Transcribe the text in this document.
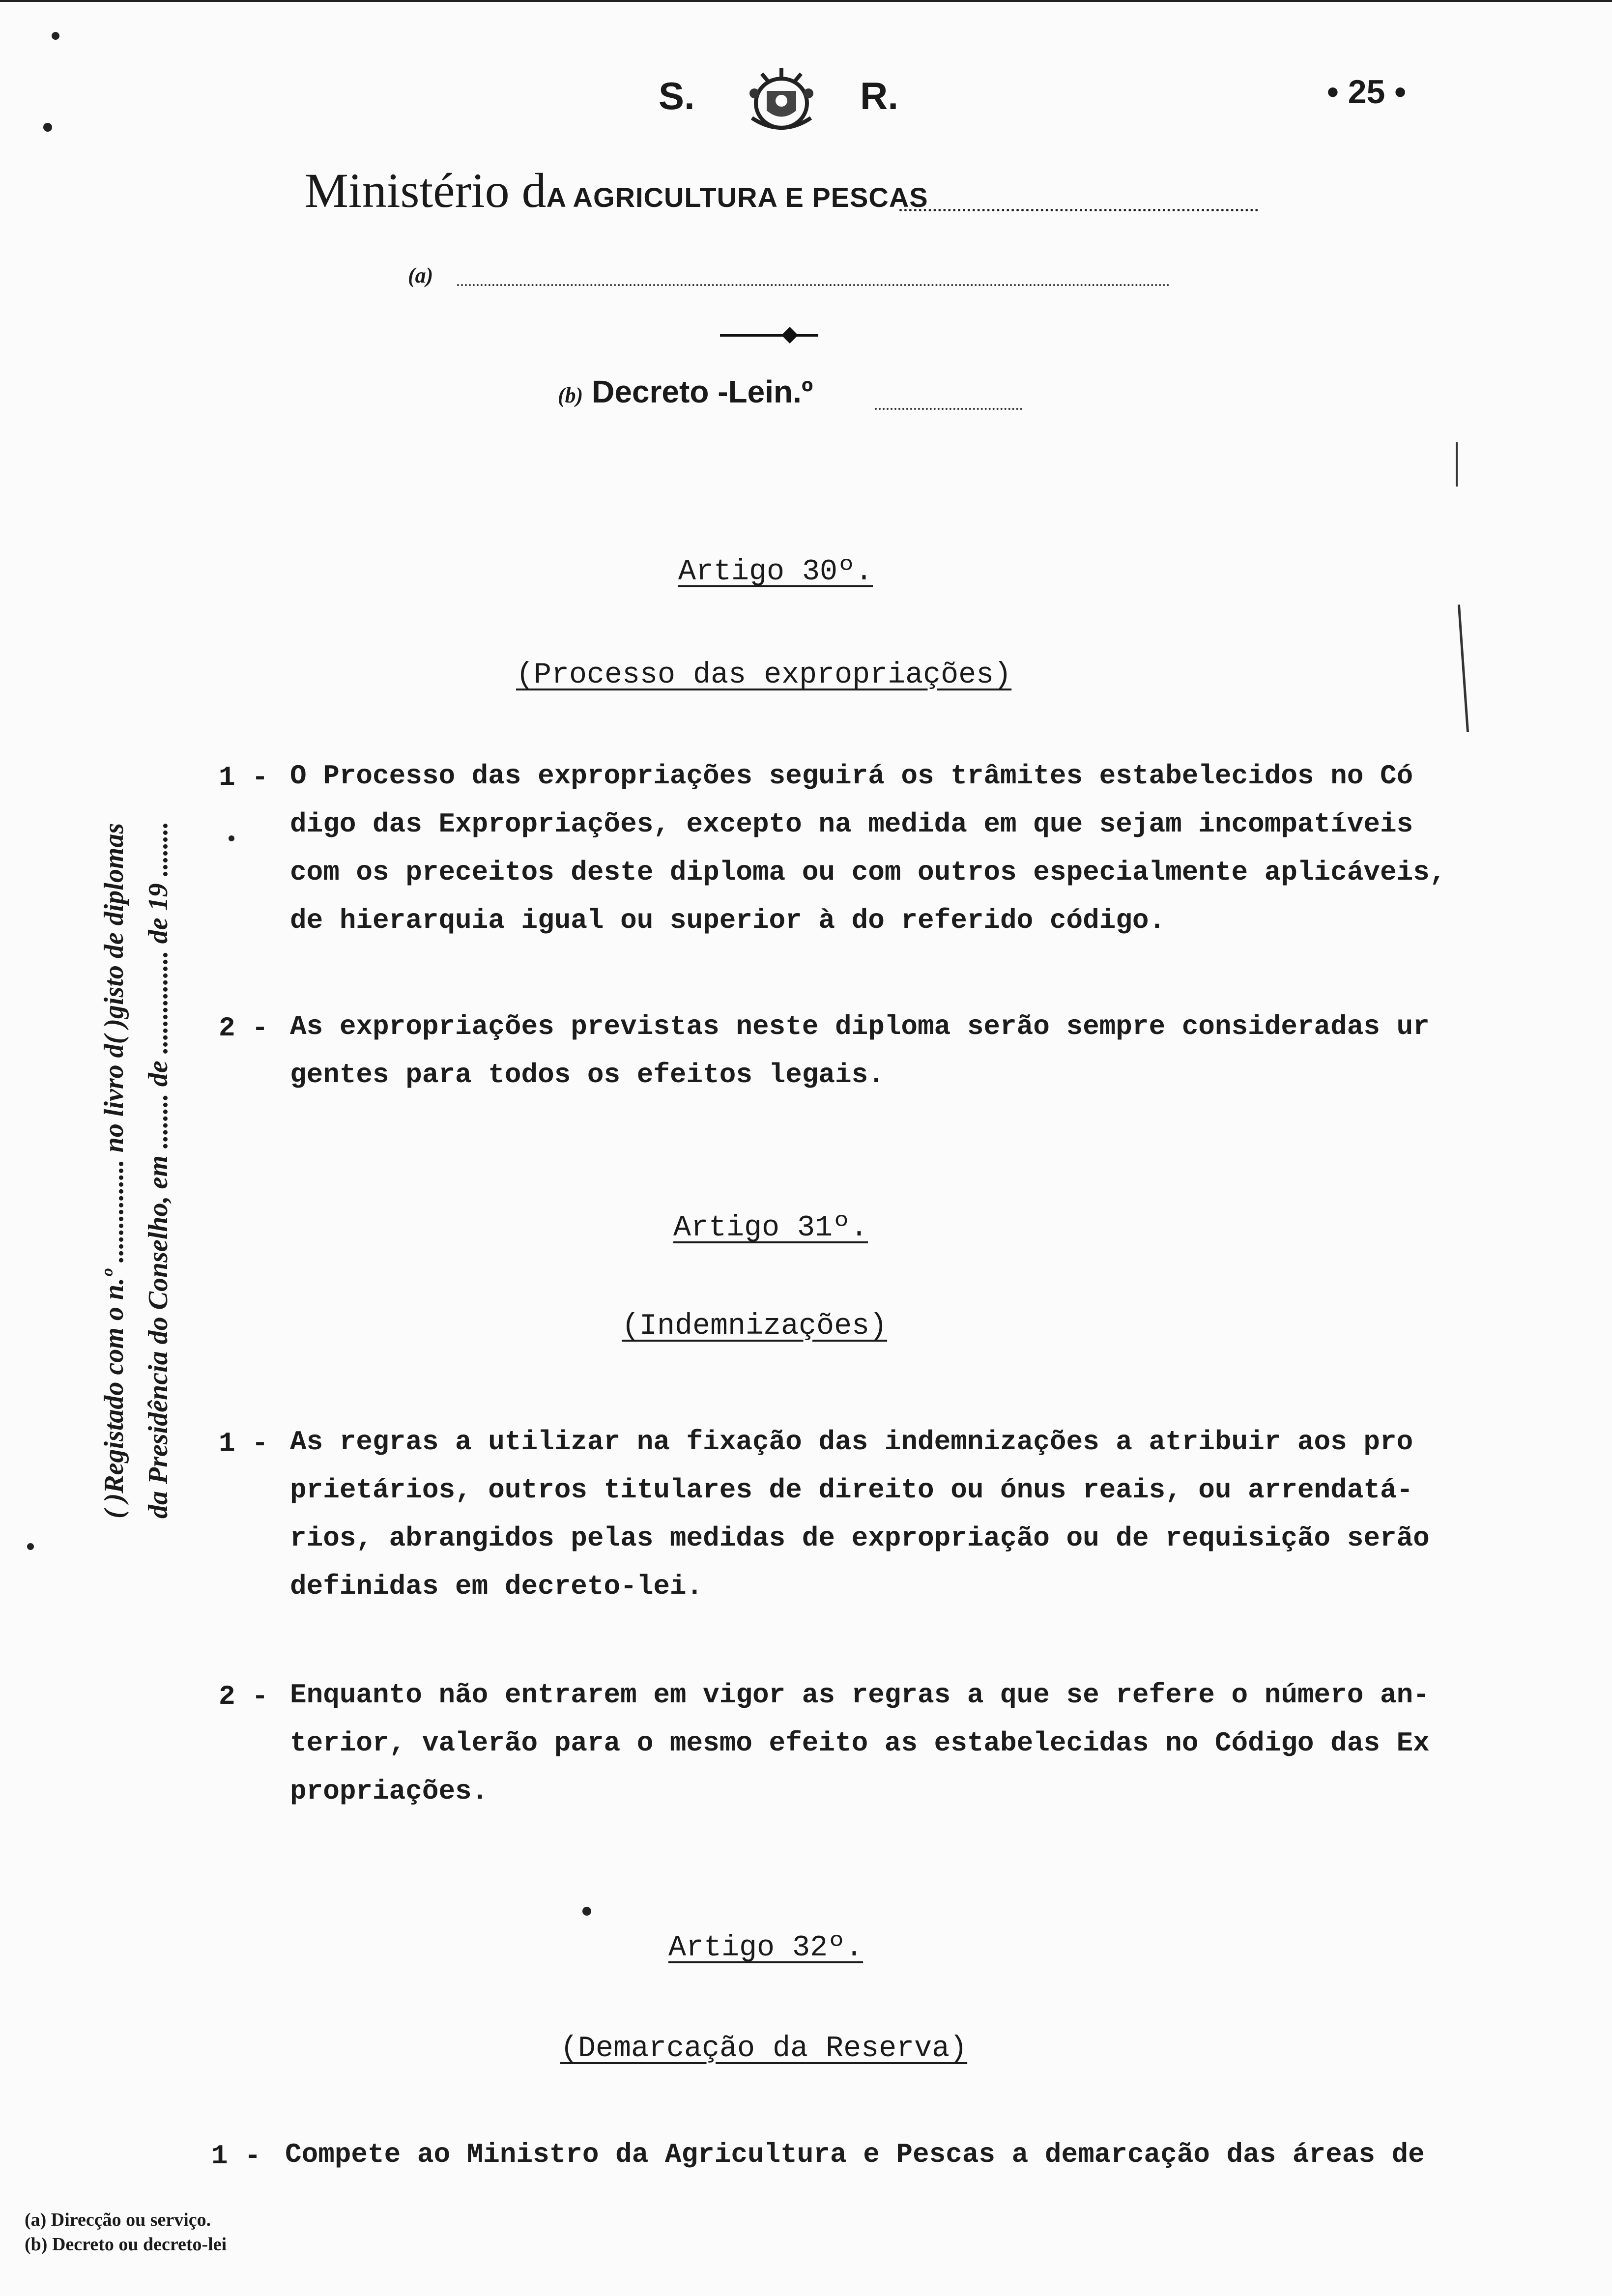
S.	R.	• 25 •
Ministério dA AGRICULTURA E PESCAS
(a)
(b) Decreto -Lein.º
( )Registado com o n.º ............... no livro d( )gisto de diplomas da Presidência do Conselho, em ........ de ............... de 19 ........
Artigo 30º.
(Processo das expropriações)
1 - O Processo das expropriações seguirá os trâmites estabelecidos no Có
digo das Expropriações, excepto na medida em que sejam incompatíveis
com os preceitos deste diploma ou com outros especialmente aplicáveis,
de hierarquia igual ou superior à do referido código.
2 - As expropriações previstas neste diploma serão sempre consideradas ur
gentes para todos os efeitos legais.
Artigo 31º.
(Indemnizações)
1 - As regras a utilizar na fixação das indemnizações a atribuir aos pro
prietários, outros titulares de direito ou ónus reais, ou arrendatá-
rios, abrangidos pelas medidas de expropriação ou de requisição serão
definidas em decreto-lei.
2 - Enquanto não entrarem em vigor as regras a que se refere o número an-
terior, valerão para o mesmo efeito as estabelecidas no Código das Ex
propriações.
Artigo 32º.
(Demarcação da Reserva)
1 - Compete ao Ministro da Agricultura e Pescas a demarcação das áreas de
(a) Direcção ou serviço.
(b) Decreto ou decreto-lei
